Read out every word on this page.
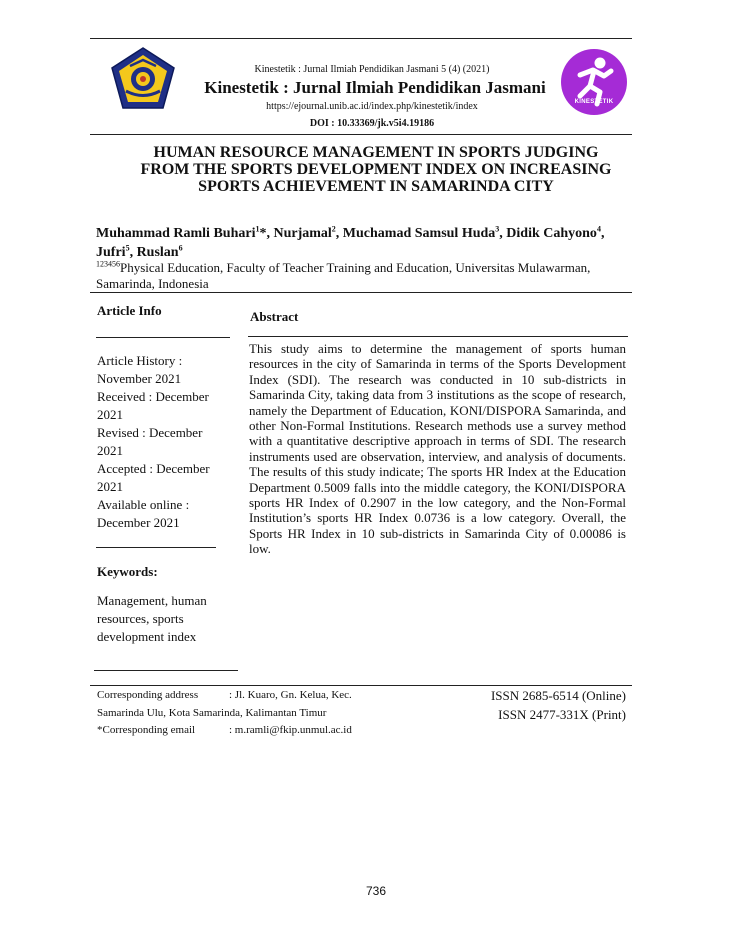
Kinestetik : Jurnal Ilmiah Pendidikan Jasmani 5 (4) (2021)
Kinestetik : Jurnal Ilmiah Pendidikan Jasmani
https://ejournal.unib.ac.id/index.php/kinestetik/index
DOI : 10.33369/jk.v5i4.19186
KINESTETIK
HUMAN RESOURCE MANAGEMENT IN SPORTS JUDGING
FROM THE SPORTS DEVELOPMENT INDEX ON INCREASING
SPORTS ACHIEVEMENT IN SAMARINDA CITY
Muhammad Ramli Buhari$^1$*, Nurjamal$^2$, Muchamad Samsul Huda$^3$, Didik Cahyono$^4$, Jufri$^5$, Ruslan$^6$
$^{123456}$Physical Education, Faculty of Teacher Training and Education, Universitas Mulawarman, Samarinda, Indonesia
Article Info
Article History :
November 2021
Received : December
2021
Revised : December
2021
Accepted : December
2021
Available online :
December 2021
Keywords:
Management, human
resources, sports
development index
Abstract
This study aims to determine the management of sports human resources in the city of Samarinda in terms of the Sports Development Index (SDI). The research was conducted in 10 sub-districts in Samarinda City, taking data from 3 institutions as the scope of research, namely the Department of Education, KONI/DISPORA Samarinda, and other Non-Formal Institutions. Research methods use a survey method with a quantitative descriptive approach in terms of SDI. The research instruments used are observation, interview, and analysis of documents. The results of this study indicate; The sports HR Index at the Education Department 0.5009 falls into the middle category, the KONI/DISPORA sports HR Index of 0.2907 in the low category, and the Non-Formal Institution’s sports HR Index 0.0736 is a low category. Overall, the Sports HR Index in 10 sub-districts in Samarinda City of 0.00086 is low.
Corresponding address	: Jl. Kuaro, Gn. Kelua, Kec.
Samarinda Ulu, Kota Samarinda, Kalimantan Timur
*Corresponding email	: m.ramli@fkip.unmul.ac.id
ISSN 2685-6514 (Online)
ISSN 2477-331X (Print)
736
